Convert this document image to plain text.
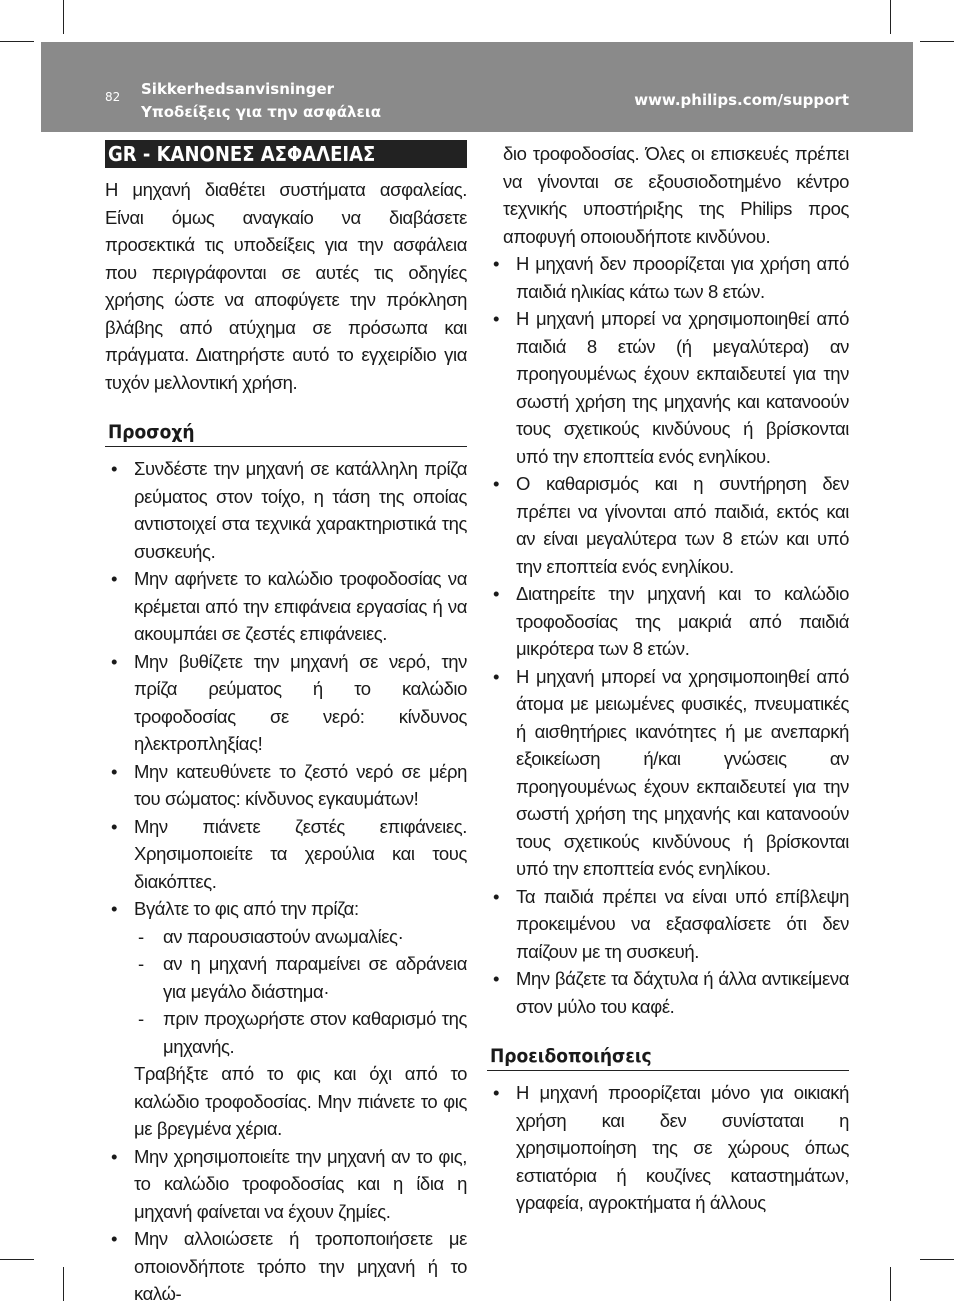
82 Sikkerhedsanvisninger
Υποδείξεις για την ασφάλεια
www.philips.com/support
GR - ΚΑΝΟΝΕΣ ΑΣΦΑΛΕΙΑΣ

Η μηχανή διαθέτει συστήματα ασφαλείας. Είναι όμως αναγκαίο να διαβάσετε προσεκτικά τις υποδείξεις για την ασφάλεια που περιγράφονται σε αυτές τις οδηγίες χρήσης ώστε να αποφύγετε την πρόκληση βλάβης από ατύχημα σε πρόσωπα και πράγματα. Διατηρήστε αυτό το εγχειρίδιο για τυχόν μελλοντική χρήση.

Προσοχή
• Συνδέστε την μηχανή σε κατάλληλη πρίζα ρεύματος στον τοίχο, η τάση της οποίας αντιστοιχεί στα τεχνικά χαρακτηριστικά της συσκευής.
• Μην αφήνετε το καλώδιο τροφοδοσίας να κρέμεται από την επιφάνεια εργασίας ή να ακουμπάει σε ζεστές επιφάνειες.
• Μην βυθίζετε την μηχανή σε νερό, την πρίζα ρεύματος ή το καλώδιο τροφοδοσίας σε νερό: κίνδυνος ηλεκτροπληξίας!
• Μην κατευθύνετε το ζεστό νερό σε μέρη του σώματος: κίνδυνος εγκαυμάτων!
• Μην πιάνετε ζεστές επιφάνειες. Χρησιμοποιείτε τα χερούλια και τους διακόπτες.
• Βγάλτε το φις από την πρίζα:
- αν παρουσιαστούν ανωμαλίες·
- αν η μηχανή παραμείνει σε αδράνεια για μεγάλο διάστημα·
- πριν προχωρήστε στον καθαρισμό της μηχανής.
Τραβήξτε από το φις και όχι από το καλώδιο τροφοδοσίας. Μην πιάνετε το φις με βρεγμένα χέρια.
• Μην χρησιμοποιείτε την μηχανή αν το φις, το καλώδιο τροφοδοσίας και η ίδια η μηχανή φαίνεται να έχουν ζημίες.
• Μην αλλοιώσετε ή τροποποιήσετε με οποιονδήποτε τρόπο την μηχανή ή το καλώ-
διο τροφοδοσίας. Όλες οι επισκευές πρέπει να γίνονται σε εξουσιοδοτημένο κέντρο τεχνικής υποστήριξης της Philips προς αποφυγή οποιουδήποτε κινδύνου.
• Η μηχανή δεν προορίζεται για χρήση από παιδιά ηλικίας κάτω των 8 ετών.
• Η μηχανή μπορεί να χρησιμοποιηθεί από παιδιά 8 ετών (ή μεγαλύτερα) αν προηγουμένως έχουν εκπαιδευτεί για την σωστή χρήση της μηχανής και κατανοούν τους σχετικούς κινδύνους ή βρίσκονται υπό την εποπτεία ενός ενηλίκου.
• Ο καθαρισμός και η συντήρηση δεν πρέπει να γίνονται από παιδιά, εκτός και αν είναι μεγαλύτερα των 8 ετών και υπό την εποπτεία ενός ενηλίκου.
• Διατηρείτε την μηχανή και το καλώδιο τροφοδοσίας της μακριά από παιδιά μικρότερα των 8 ετών.
• Η μηχανή μπορεί να χρησιμοποιηθεί από άτομα με μειωμένες φυσικές, πνευματικές ή αισθητήριες ικανότητες ή με ανεπαρκή εξοικείωση ή/και γνώσεις αν προηγουμένως έχουν εκπαιδευτεί για την σωστή χρήση της μηχανής και κατανοούν τους σχετικούς κινδύνους ή βρίσκονται υπό την εποπτεία ενός ενηλίκου.
• Τα παιδιά πρέπει να είναι υπό επίβλεψη προκειμένου να εξασφαλίσετε ότι δεν παίζουν με τη συσκευή.
• Μην βάζετε τα δάχτυλα ή άλλα αντικείμενα στον μύλο του καφέ.
Προειδοποιήσεις
• Η μηχανή προορίζεται μόνο για οικιακή χρήση και δεν συνίσταται η χρησιμοποίηση της σε χώρους όπως εστιατόρια ή κουζίνες καταστημάτων, γραφεία, αγροκτήματα ή άλλους
